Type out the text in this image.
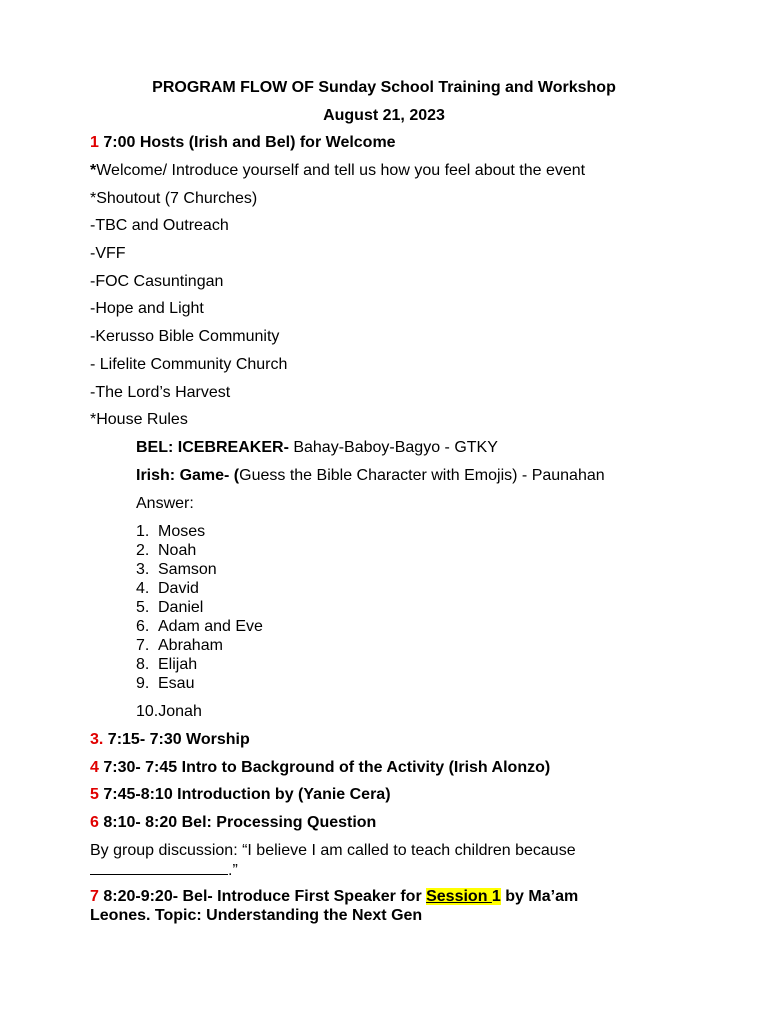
PROGRAM FLOW OF Sunday School Training and Workshop
August 21, 2023
1 7:00 Hosts (Irish and Bel) for Welcome
*Welcome/ Introduce yourself and tell us how you feel about the event
*Shoutout (7 Churches)
-TBC and Outreach
-VFF
-FOC Casuntingan
-Hope and Light
-Kerusso Bible Community
- Lifelite Community Church
-The Lord’s Harvest
*House Rules
BEL: ICEBREAKER- Bahay-Baboy-Bagyo - GTKY
Irish: Game- (Guess the Bible Character with Emojis) - Paunahan
Answer:
1. Moses
2. Noah
3. Samson
4. David
5. Daniel
6. Adam and Eve
7. Abraham
8. Elijah
9. Esau
10.Jonah
3. 7:15- 7:30 Worship
4 7:30- 7:45 Intro to Background of the Activity (Irish Alonzo)
5 7:45-8:10 Introduction by (Yanie Cera)
6 8:10- 8:20 Bel: Processing Question
By group discussion: “I believe I am called to teach children because
.”
7 8:20-9:20- Bel- Introduce First Speaker for Session 1 by Ma’am
Leones. Topic: Understanding the Next Gen
